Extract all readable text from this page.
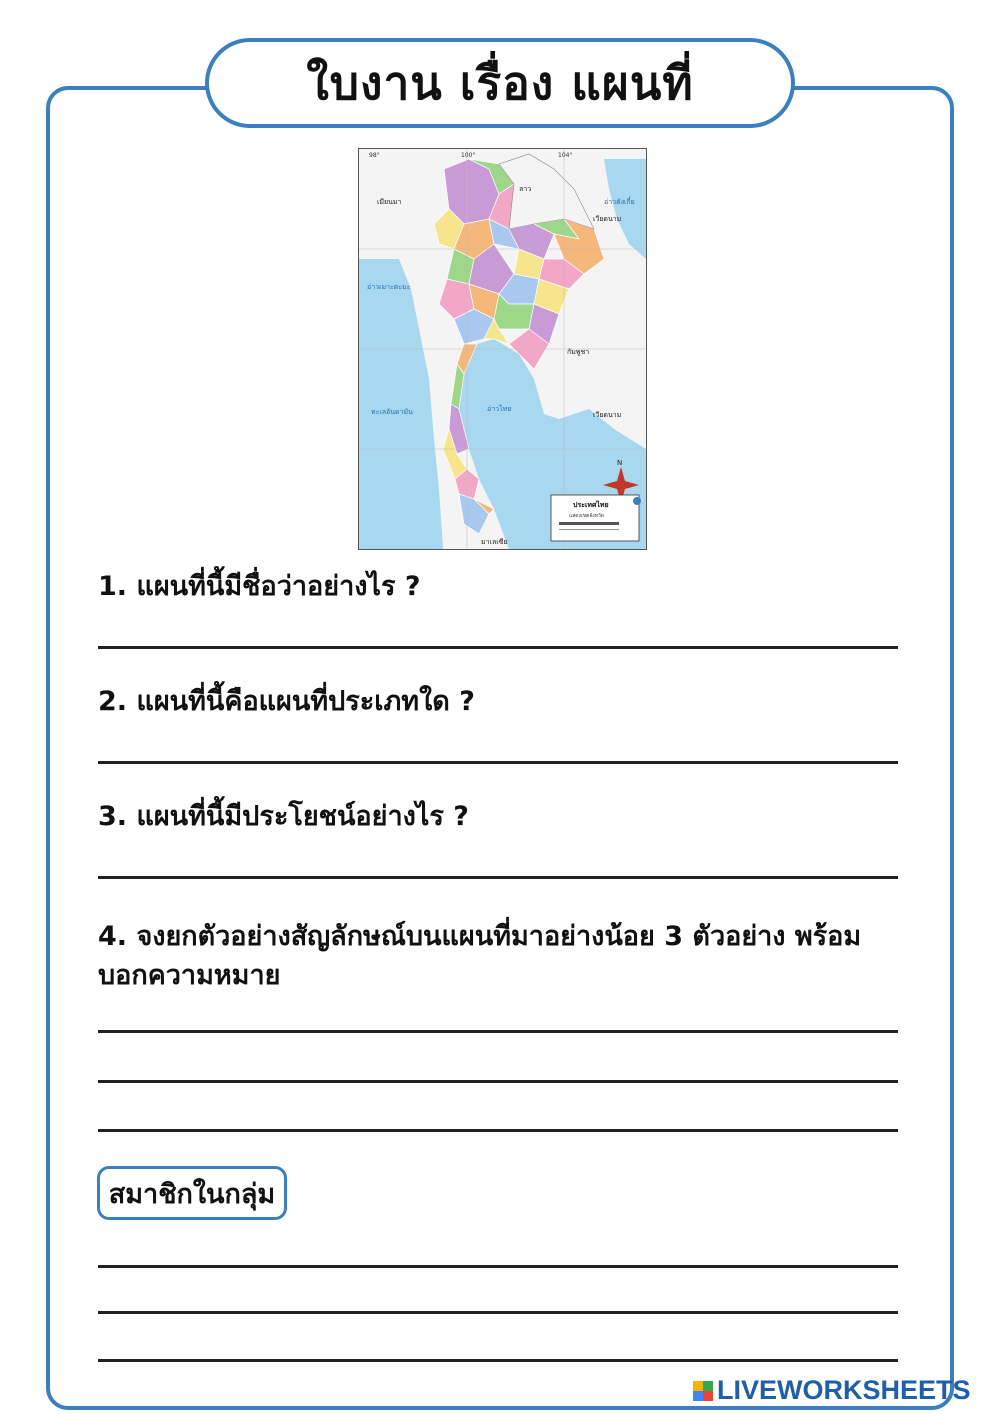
ใบงาน เรื่อง แผนที่
98°	100°	104°
เมียนมา
ลาว
อ่าวตังเกี๋ย
เวียดนาม
อ่าวเมาะตะมะ
กัมพูชา
ทะเลอันดามัน	อ่าวไทย
เวียดนาม
มาเลเซีย
N
ประเทศไทย
แสดงเขตจังหวัด
1. แผนที่นี้มีชื่อว่าอย่างไร ?
2. แผนที่นี้คือแผนที่ประเภทใด ?
3. แผนที่นี้มีประโยชน์อย่างไร ?
4. จงยกตัวอย่างสัญลักษณ์บนแผนที่มาอย่างน้อย 3 ตัวอย่าง พร้อม
บอกความหมาย
สมาชิกในกลุ่ม
LIVEWORKSHEETS
